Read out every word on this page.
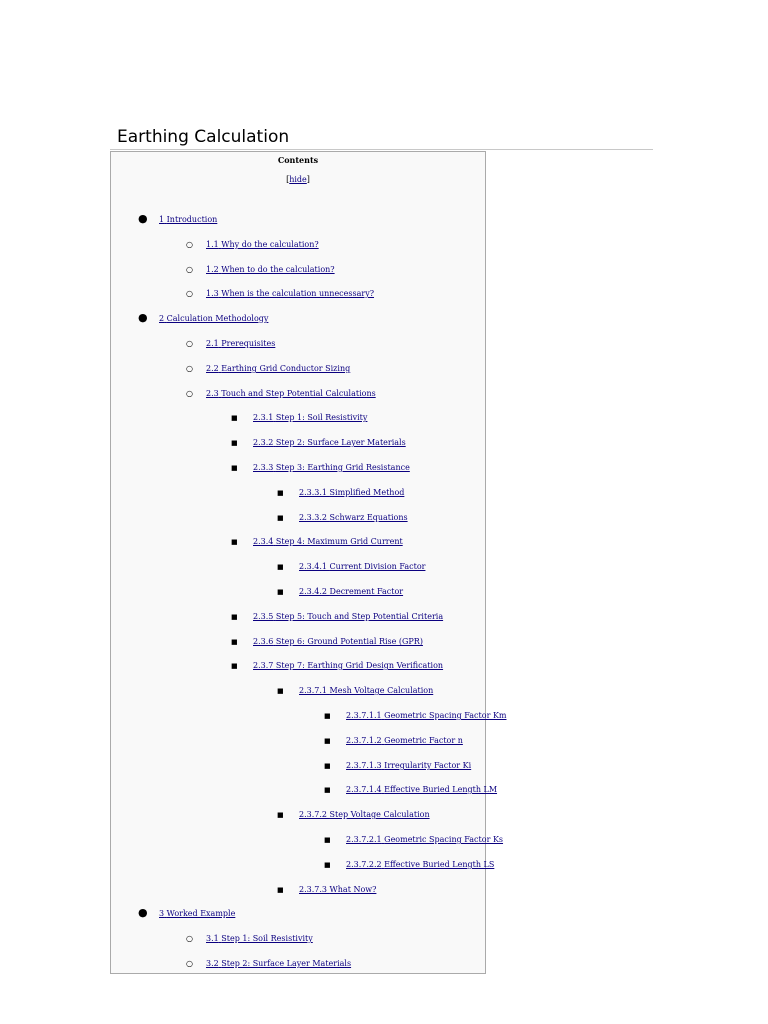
Earthing Calculation
Contents
[hide]
● 1 Introduction
○ 1.1 Why do the calculation?
○ 1.2 When to do the calculation?
○ 1.3 When is the calculation unnecessary?
● 2 Calculation Methodology
○ 2.1 Prerequisites
○ 2.2 Earthing Grid Conductor Sizing
○ 2.3 Touch and Step Potential Calculations
■ 2.3.1 Step 1: Soil Resistivity
■ 2.3.2 Step 2: Surface Layer Materials
■ 2.3.3 Step 3: Earthing Grid Resistance
■ 2.3.3.1 Simplified Method
■ 2.3.3.2 Schwarz Equations
■ 2.3.4 Step 4: Maximum Grid Current
■ 2.3.4.1 Current Division Factor
■ 2.3.4.2 Decrement Factor
■ 2.3.5 Step 5: Touch and Step Potential Criteria
■ 2.3.6 Step 6: Ground Potential Rise (GPR)
■ 2.3.7 Step 7: Earthing Grid Design Verification
■ 2.3.7.1 Mesh Voltage Calculation
■ 2.3.7.1.1 Geometric Spacing Factor Km
■ 2.3.7.1.2 Geometric Factor n
■ 2.3.7.1.3 Irregularity Factor Ki
■ 2.3.7.1.4 Effective Buried Length LM
■ 2.3.7.2 Step Voltage Calculation
■ 2.3.7.2.1 Geometric Spacing Factor Ks
■ 2.3.7.2.2 Effective Buried Length LS
■ 2.3.7.3 What Now?
● 3 Worked Example
○ 3.1 Step 1: Soil Resistivity
○ 3.2 Step 2: Surface Layer Materials
